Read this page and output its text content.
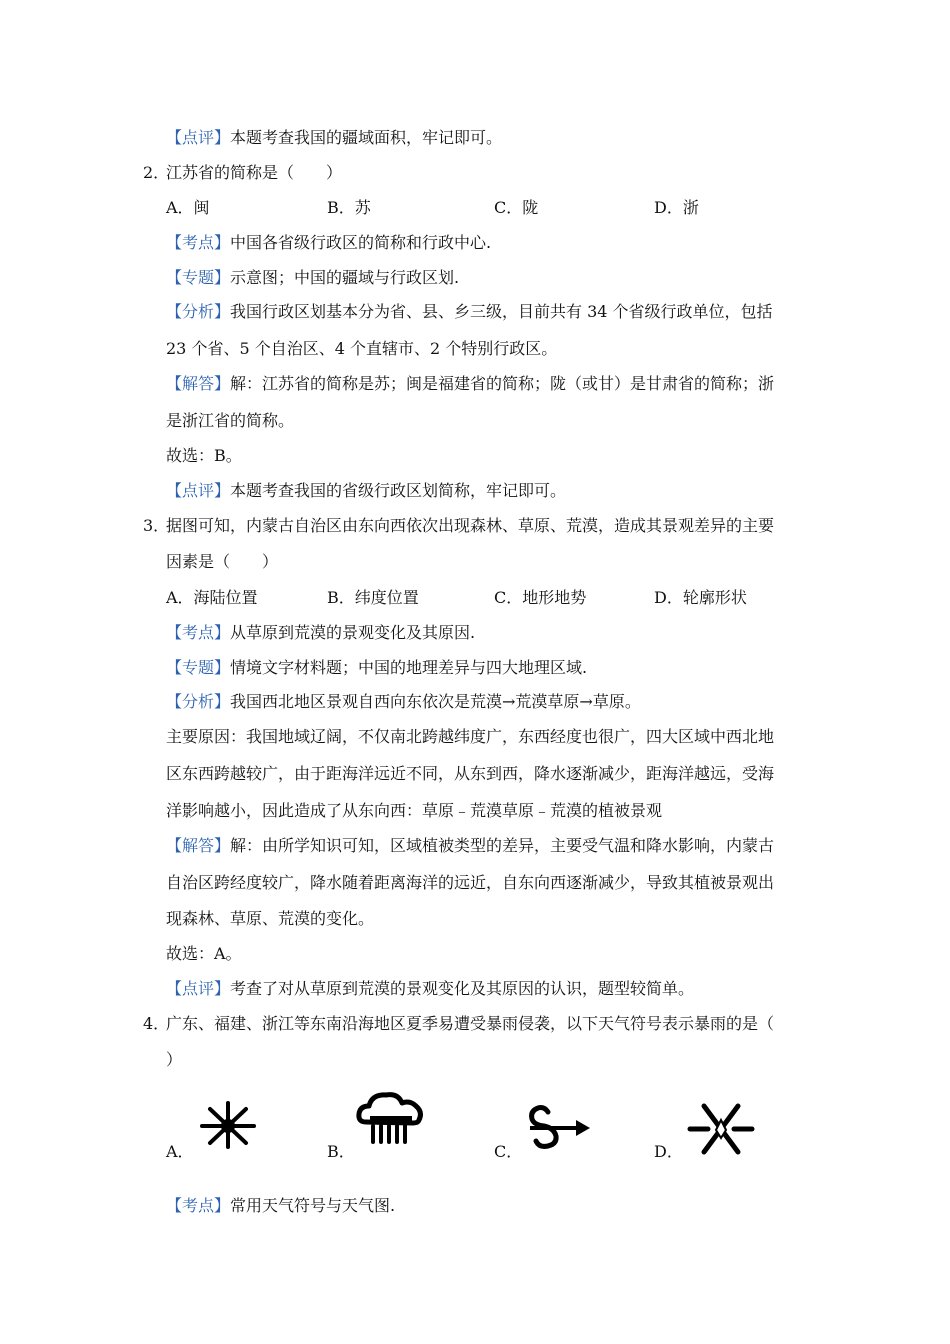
【点评】本题考查我国的疆域面积，牢记即可。
2．
江苏省的简称是（　　）
A．闽	B．苏	C．陇	D．浙
【考点】中国各省级行政区的简称和行政中心.
【专题】示意图；中国的疆域与行政区划.
【分析】我国行政区划基本分为省、县、乡三级，目前共有 34 个省级行政单位，包括
23 个省、5 个自治区、4 个直辖市、2 个特别行政区。
【解答】解：江苏省的简称是苏；闽是福建省的简称；陇（或甘）是甘肃省的简称；浙
是浙江省的简称。
故选：B。
【点评】本题考查我国的省级行政区划简称，牢记即可。
3．
据图可知，内蒙古自治区由东向西依次出现森林、草原、荒漠，造成其景观差异的主要
因素是（　　）
A．海陆位置	B．纬度位置	C．地形地势	D．轮廓形状
【考点】从草原到荒漠的景观变化及其原因.
【专题】情境文字材料题；中国的地理差异与四大地理区域.
【分析】我国西北地区景观自西向东依次是荒漠→荒漠草原→草原。
主要原因：我国地域辽阔，不仅南北跨越纬度广，东西经度也很广，四大区域中西北地
区东西跨越较广，由于距海洋远近不同，从东到西，降水逐渐减少，距海洋越远，受海
洋影响越小，因此造成了从东向西：草原﹣荒漠草原﹣荒漠的植被景观
【解答】解：由所学知识可知，区域植被类型的差异，主要受气温和降水影响，内蒙古
自治区跨经度较广，降水随着距离海洋的远近，自东向西逐渐减少，导致其植被景观出
现森林、草原、荒漠的变化。
故选：A。
【点评】考查了对从草原到荒漠的景观变化及其原因的认识，题型较简单。
4．
广东、福建、浙江等东南沿海地区夏季易遭受暴雨侵袭，以下天气符号表示暴雨的是（
）
A．	B．	C．	D．
【考点】常用天气符号与天气图.
